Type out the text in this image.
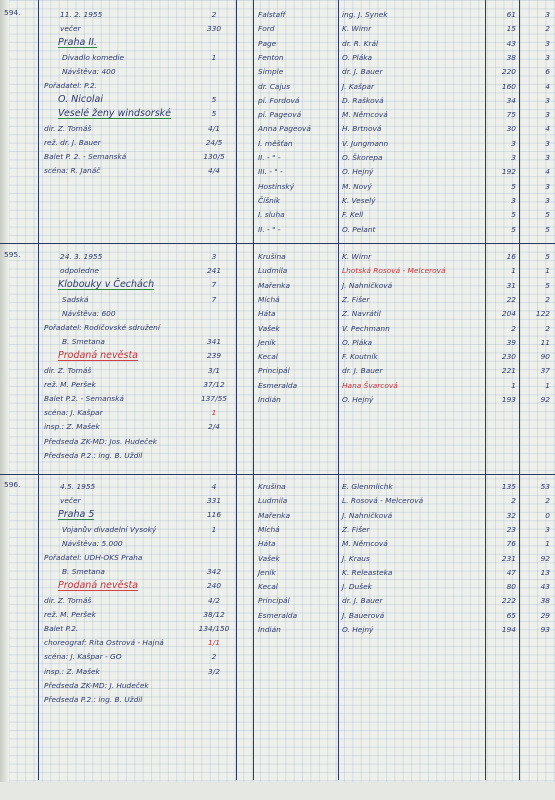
594.	11. 2. 1955	2
večer	330
Praha II.
Divadlo komedie	1
Návštěva: 400
Pořadatel: P.2.
O. Nicolai	5
Veselé ženy windsorské	5
dir. Z. Tomáš	4/1
rež. dr. J. Bauer	24/5
Balet P. 2. - Semanská	130/5
scéna: R. Janáč	4/4
Falstaff	ing. J. Synek	61	3
Ford	K. Wimr	15	2
Page	dr. R. Král	43	3
Fenton	O. Pláka	38	3
Simple	dr. J. Bauer	220	6
dr. Cajus	J. Kašpar	160	4
pí. Fordová	D. Rašková	34	3
pí. Pageová	M. Němcová	75	3
Anna Pageová	H. Brtnová	30	4
I. měšťan	V. Jungmann	3	3
II. - " -	O. Škorepa	3	3
III. - " -	O. Hejný	192	4
Hostinský	M. Nový	5	3
Číšník	K. Veselý	3	3
I. sluha	F. Kell	5	5
II. - " -	O. Pelant	5	5
595.	24. 3. 1955	3
odpoledne	241
Klobouky v Čechách	7
Sadská	7
Návštěva: 600
Pořadatel: Rodičovské sdružení
B. Smetana	341
Prodaná nevěsta	239
dir. Z. Tomáš	3/1
rež. M. Peršek	37/12
Balet P.2. - Semanská	137/55
scéna: J. Kašpar	1
insp.: Z. Mašek	2/4
Předseda ZK-MD: Jos. Hudeček
Předseda P.2.: ing. B. Uždil
Krušina	K. Wimr	16	5
Ludmila	Lhotská Rosová - Melcerová	1	1
Mařenka	J. Nahničková	31	5
Míchá	Z. Fišer	22	2
Háta	Z. Navrátil	204	122
Vašek	V. Pechmann	2	2
Jeník	O. Pláka	39	11
Kecal	F. Koutník	230	90
Principál	dr. J. Bauer	221	37
Esmeralda	Hana Švarcová	1	1
Indián	O. Hejný	193	92
596.	4.5. 1955	4
večer	331
Praha 5	116
Vojanův divadelní Vysoký	1
Návštěva: 5.000
Pořadatel: UDH-OKS Praha
B. Smetana	342
Prodaná nevěsta	240
dir. Z. Tomáš	4/2
rež. M. Peršek	38/12
Balet P.2.	134/150
choreograf: Rita Ostrová - Hajná	1/1
scéna: J. Kašpar - GO	2
insp.: Z. Mašek	3/2
Předseda ZK-MD: J. Hudeček
Předseda P.2.: ing. B. Uždil
Krušina	E. Glenmlichk	135	53
Ludmila	L. Rosová - Melcerová	2	2
Mařenka	J. Nahničková	32	0
Míchá	Z. Fišer	23	3
Háta	M. Němcová	76	1
Vašek	J. Kraus	231	92
Jeník	K. Releasteka	47	13
Kecal	J. Dušek	80	43
Principál	dr. J. Bauer	222	38
Esmeralda	J. Bauerová	65	29
Indián	O. Hejný	194	93
